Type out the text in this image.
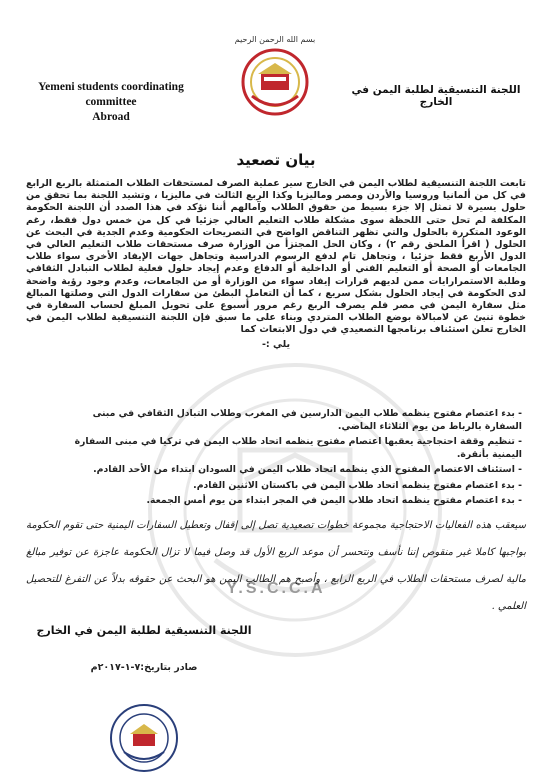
Y.S.C.C.A
Yemeni students coordinating committee
Abroad
بسم الله الرحمن الرحيم
اللجنة التنسيقية لطلبة اليمن في الخارج
بيان تصعيد

تابعت اللجنة التنسيقية لطلاب اليمن في الخارج سير عملية الصرف لمستحقات الطلاب المتمثلة بالربع الرابع في كل من ألمانيا وروسيا والأردن ومصر وماليزيا وكذا الربع الثالث في ماليزيا ، وتشيد اللجنة بما تحقق من حلول يسيرة لا تمثل إلا جزء بسيط من حقوق الطلاب وآمالهم أننا نؤكد في هذا الصدد أن اللجنة الحكومة المكلفة لم تحل حتى اللحظة سوى مشكلة طلاب التعليم العالي جزئيا في كل من خمس دول فقط، رغم الوعود المتكررة بالحلول والتي تظهر التناقض الواضح في التصريحات الحكومية وعدم الجدية في البحث عن الحلول ( اقرأ الملحق رقم ٢) ، وكان الحل المجتزأ من الوزارة صرف مستحقات طلاب التعليم العالي في الدول الأربع فقط جزئيا ، وتجاهل تام لدفع الرسوم الدراسية وتجاهل جهات الإيفاد الأخرى سواء طلاب الجامعات أو الصحة أو التعليم الفني أو الداخلية أو الدفاع وعدم إيجاد حلول فعلية لطلاب التبادل الثقافي وطلبة الاستمرارايات ممن لديهم قرارات إيفاد سواء من الوزارة أو من الجامعات، وعدم وجود رؤية واضحة لدى الحكومة في إيجاد الحلول بشكل سريع ، كما أن التعامل البطئ من سفارات الدول التي وصلتها المبالغ مثل سفارة اليمن في مصر فلم يصرف الربع رغم مرور أسبوع على تحويل المبلغ لحساب السفارة في خطوة تنبئ عن لامبالاة بوضع الطلاب المتردي وبناء على ما سبق فإن اللجنة التنسيقية لطلاب اليمن في الخارج تعلن استئناف برنامجها التصعيدي في دول الابتعاث كما

يلي :-

- بدء اعتصام مفتوح ينظمه طلاب اليمن الدارسين في المغرب وطلاب التبادل الثقافي في مبنى السفارة بالرباط من يوم الثلاثاء الماضي.
- تنظيم وقفة احتجاجية يعقبها اعتصام مفتوح ينظمه اتحاد طلاب اليمن في تركيا في مبنى السفارة اليمنية بأنقرة.
- استئناف الاعتصام المفتوح الذي ينظمه اتحاد طلاب اليمن في السودان ابتداء من الأحد القادم.
- بدء اعتصام مفتوح ينظمه اتحاد طلاب اليمن في باكستان الاثنين القادم.
- بدء اعتصام مفتوح ينظمه اتحاد طلاب اليمن في المجر ابتداء من يوم أمس الجمعة.
سيعقب هذه الفعاليات الاحتجاجية مجموعة خطوات تصعيدية تصل إلى إقفال وتعطيل السفارات اليمنية حتى تقوم الحكومة بواجبها كاملا غير منقوص إننا نأسف ونتحسر أن موعد الربع الأول قد وصل فيما لا تزال الحكومة عاجزة عن توفير مبالغ مالية لصرف مستحقات الطلاب في الربع الرابع ، وأصبح هم الطالب اليمن هو البحث عن حقوقه بدلاً عن التفرغ للتحصيل العلمي .
اللجنة التنسيقية لطلبة اليمن في الخارج
صادر بتاريخ:٧-١-٢٠١٧م
